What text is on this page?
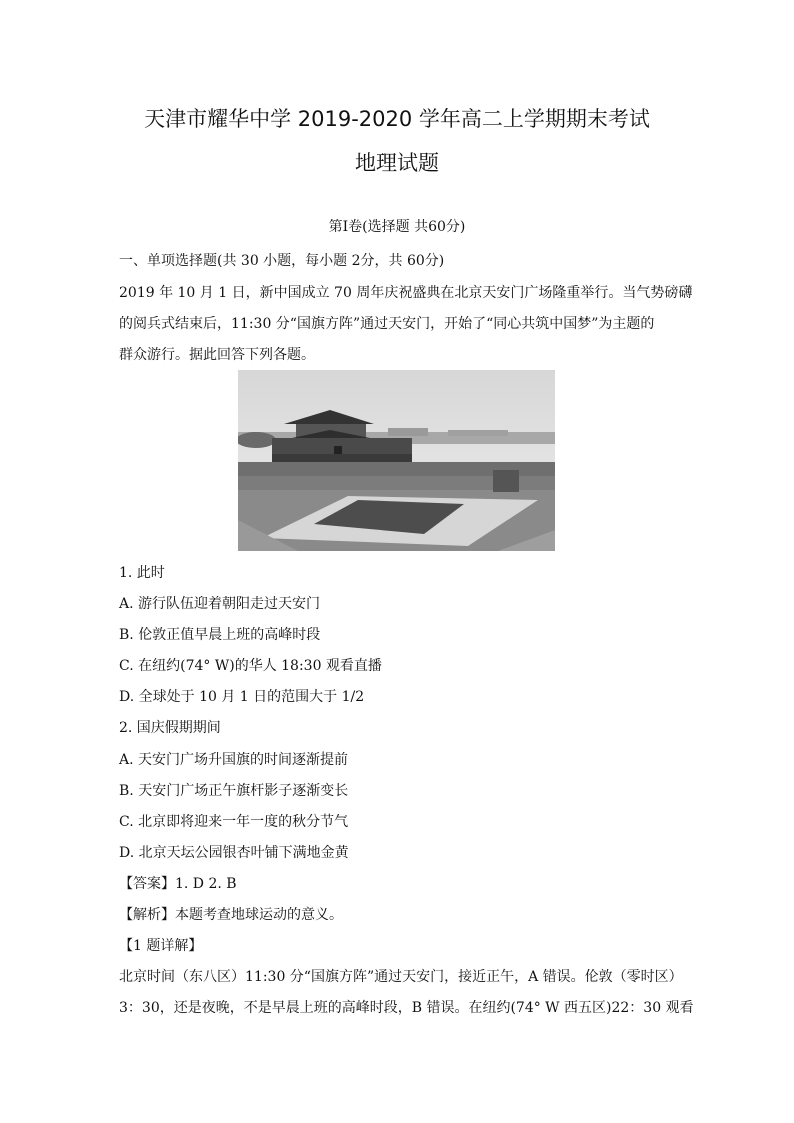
天津市耀华中学 2019-2020 学年高二上学期期末考试
地理试题
第Ⅰ卷(选择题 共60分)
一、单项选择题(共 30 小题，每小题 2分，共 60分)
2019 年 10 月 1 日，新中国成立 70 周年庆祝盛典在北京天安门广场隆重举行。当气势磅礴
的阅兵式结束后，11:30 分“国旗方阵”通过天安门，开始了“同心共筑中国梦”为主题的
群众游行。据此回答下列各题。
1. 此时
A. 游行队伍迎着朝阳走过天安门
B. 伦敦正值早晨上班的高峰时段
C. 在纽约(74° W)的华人 18:30 观看直播
D. 全球处于 10 月 1 日的范围大于 1/2
2. 国庆假期期间
A. 天安门广场升国旗的时间逐渐提前
B. 天安门广场正午旗杆影子逐渐变长
C. 北京即将迎来一年一度的秋分节气
D. 北京天坛公园银杏叶铺下满地金黄
【答案】1. D 2. B
【解析】本题考查地球运动的意义。
【1 题详解】
北京时间（东八区）11:30 分“国旗方阵”通过天安门，接近正午，A 错误。伦敦（零时区）
3：30，还是夜晚，不是早晨上班的高峰时段，B 错误。在纽约(74° W 西五区)22：30 观看
